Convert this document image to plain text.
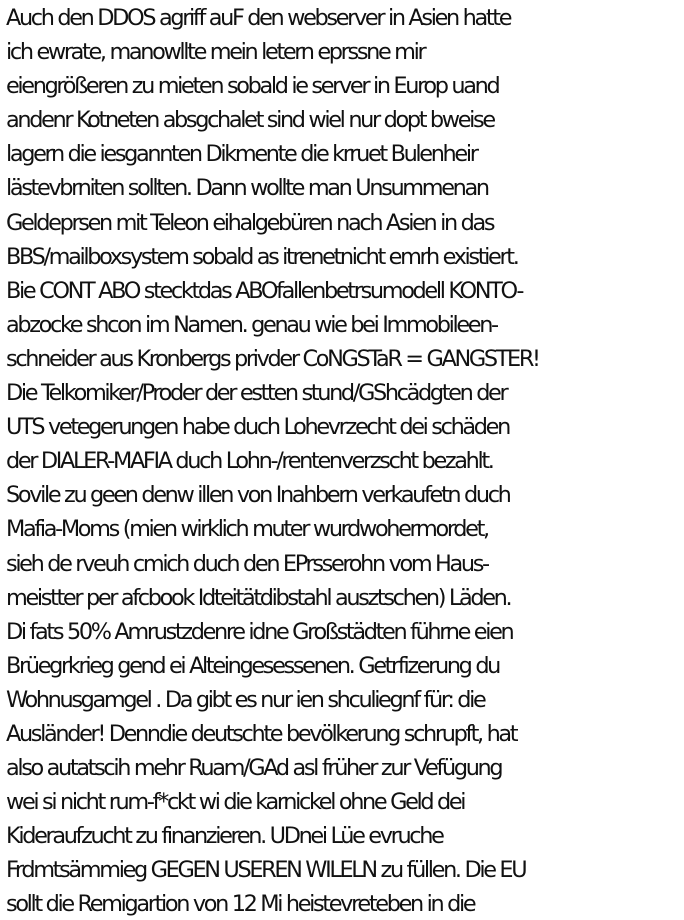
Auch den DDOS agriff auF den webserver in Asien hatte
ich ewrate, manowllte mein letern eprssne mir
eiengrößeren zu mieten sobald ie server in Europ uand
andenr Kotneten absgchalet sind wiel nur dopt bweise
lagern die iesgannten Dikmente die krruet Bulenheir
lästevbrniten sollten. Dann wollte man Unsummenan
Geldeprsen mit Teleon eihalgebüren nach Asien in das
BBS/mailboxsystem sobald as itrenetnicht emrh existiert.
Bie CONT ABO stecktdas ABOfallenbetrsumodell KONTO-
abzocke shcon im Namen. genau wie bei Immobileen-
schneider aus Kronbergs privder CoNGSTaR = GANGSTER!
Die Telkomiker/Proder der estten stund/GShcädgten der
UTS vetegerungen habe duch Lohevrzecht dei schäden
der DIALER-MAFIA duch Lohn-/rentenverzscht bezahlt.
Sovile zu geen denw illen von Inahbern verkaufetn duch
Mafia-Moms (mien wirklich muter wurdwohermordet,
sieh de rveuh cmich duch den EPrsserohn vom Haus-
meistter per afcbook Idteitätdibstahl ausztschen) Läden.
Di fats 50% Amrustzdenre idne Großstädten führne eien
Brüegrkrieg gend ei Alteingesessenen. Getrfizerung du
Wohnusgamgel . Da gibt es nur ien shculiegnf für: die
Ausländer! Denndie deutschte bevölkerung schrupft, hat
also autatscih mehr Ruam/GAd asl früher zur Vefügung
wei si nicht rum-f*ckt wi die karnickel ohne Geld dei
Kideraufzucht zu finanzieren. UDnei Lüe evruche
Frdmtsämmieg GEGEN USEREN WILELN zu füllen. Die EU
sollt die Remigartion von 12 Mi heistevreteben in die
